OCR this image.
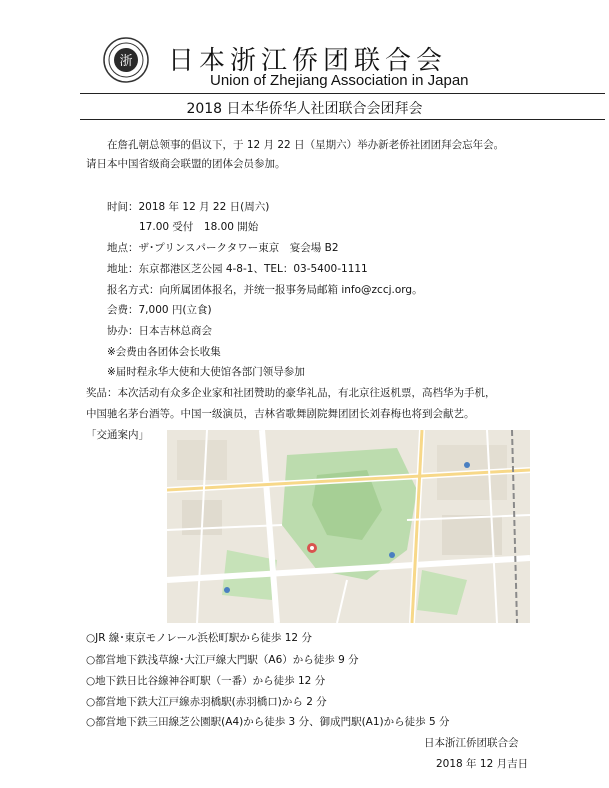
浙 日本浙江侨团联合会
Union of Zhejiang Association in Japan
2018 日本华侨华人社团联合会团拜会
在詹孔朝总领事的倡议下，于 12 月 22 日（星期六）举办新老侨社团团拜会忘年会。
请日本中国省级商会联盟的团体会员参加。
时间：2018 年 12 月 22 日(周六)
17.00 受付　18.00 開始
地点：ザ･プリンスパークタワー東京　宴会場 B2
地址：东京都港区芝公园 4-8-1、TEL：03-5400-1111
报名方式：向所属团体报名，并统一报事务局邮箱 info@zccj.org。
会费：7,000 円(立食)
协办：日本吉林总商会
※会费由各团体会长收集
※届时程永华大使和大使馆各部门领导参加
奖品：本次活动有众多企业家和社团赞助的豪华礼品，有北京往返机票，高档华为手机，
中国驰名茅台酒等。中国一级演员，吉林省歌舞剧院舞团团长刘春梅也将到会献艺。
「交通案内」
○JR 線･東京モノレール浜松町駅から徒歩 12 分
○都営地下鉄浅草線･大江戸線大門駅（A6）から徒歩 9 分
○地下鉄日比谷線神谷町駅（一番）から徒歩 12 分
○都営地下鉄大江戸線赤羽橋駅(赤羽橋口)から 2 分
○都営地下鉄三田線芝公園駅(A4)から徒歩 3 分、御成門駅(A1)から徒歩 5 分
日本浙江侨团联合会
2018 年 12 月吉日
